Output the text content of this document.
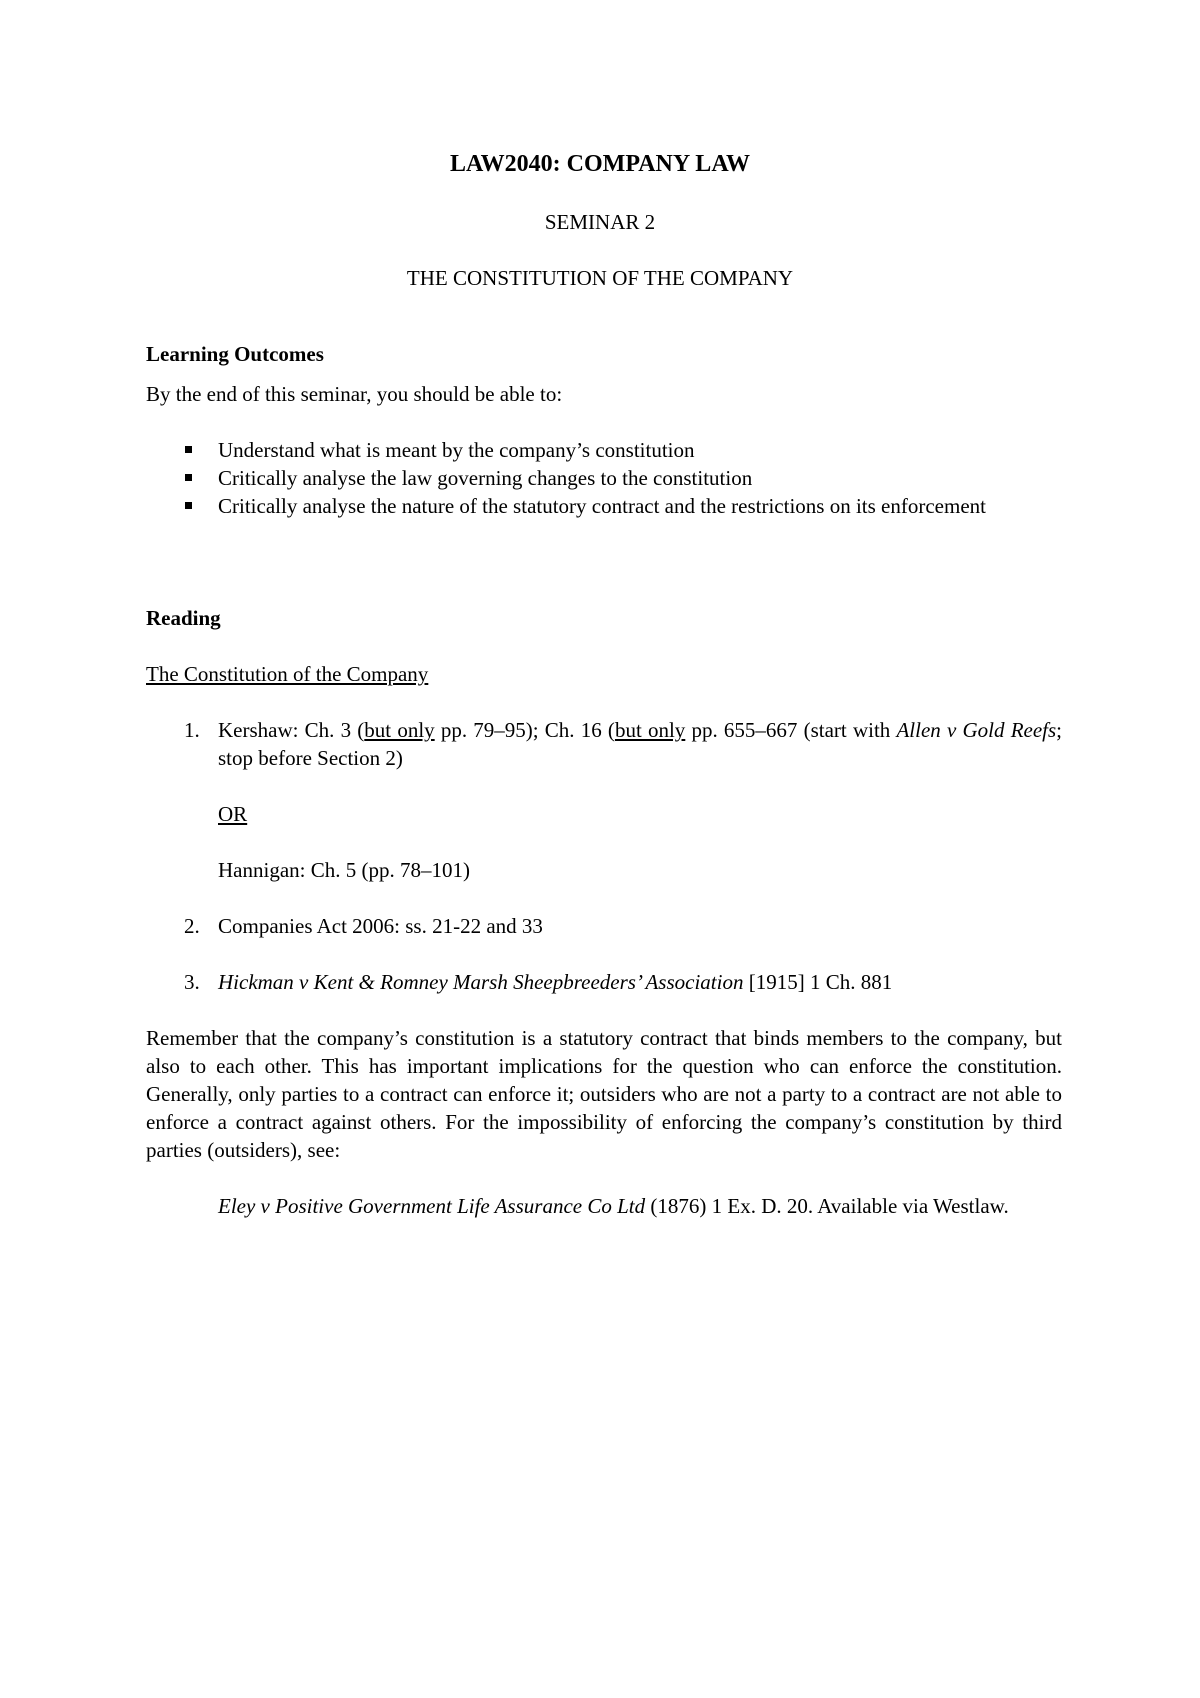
LAW2040: COMPANY LAW

SEMINAR 2

THE CONSTITUTION OF THE COMPANY

Learning Outcomes

By the end of this seminar, you should be able to:

Understand what is meant by the company’s constitution
Critically analyse the law governing changes to the constitution
Critically analyse the nature of the statutory contract and the restrictions on its enforcement

Reading

The Constitution of the Company

1. Kershaw: Ch. 3 (but only pp. 79–95); Ch. 16 (but only pp. 655–667 (start with Allen v Gold Reefs; stop before Section 2)

OR

Hannigan: Ch. 5 (pp. 78–101)

2. Companies Act 2006: ss. 21-22 and 33
3. Hickman v Kent & Romney Marsh Sheepbreeders’ Association [1915] 1 Ch. 881

Remember that the company’s constitution is a statutory contract that binds members to the company, but also to each other. This has important implications for the question who can enforce the constitution. Generally, only parties to a contract can enforce it; outsiders who are not a party to a contract are not able to enforce a contract against others. For the impossibility of enforcing the company’s constitution by third parties (outsiders), see:

Eley v Positive Government Life Assurance Co Ltd (1876) 1 Ex. D. 20. Available via Westlaw.
